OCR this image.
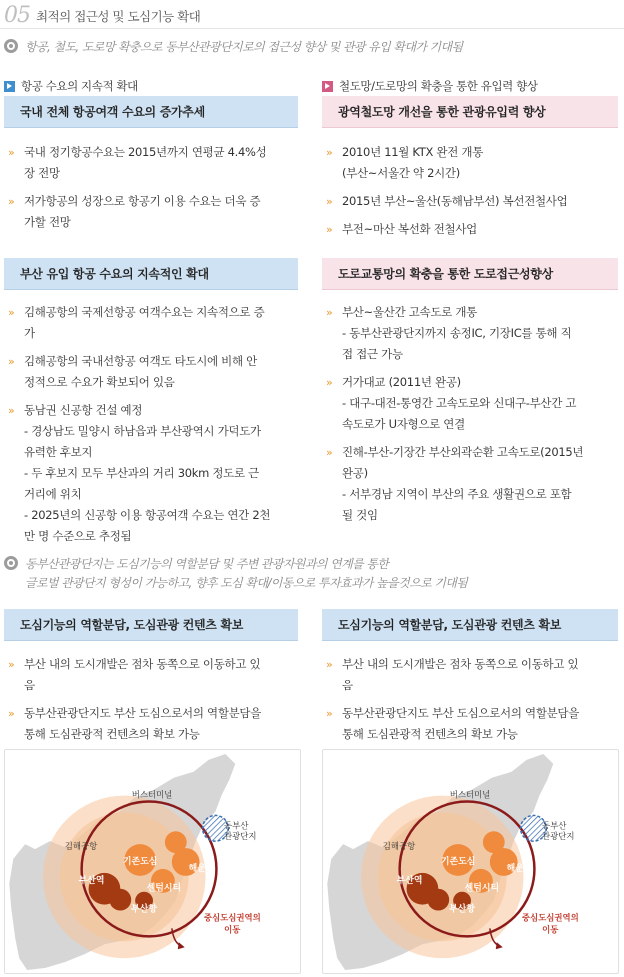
05 최적의 접근성 및 도심기능 확대

항공, 철도, 도로망 확충으로 동부산관광단지로의 접근성 향상 및 관광 유입 확대가 기대됨

항공 수요의 지속적 확대	철도망/도로망의 확충을 통한 유입력 향상
국내 전체 항공여객 수요의 증가추세
» 국내 정기항공수요는 2015년까지 연평균 4.4%성
장 전망
» 저가항공의 성장으로 항공기 이용 수요는 더욱 증
가할 전망
광역철도망 개선을 통한 관광유입력 향상
» 2010년 11월 KTX 완전 개통
(부산~서울간 약 2시간)
» 2015년 부산~울산(동해남부선) 복선전철사업
» 부전~마산 복선화 전철사업
부산 유입 항공 수요의 지속적인 확대
» 김해공항의 국제선항공 여객수요는 지속적으로 증
가
» 김해공항의 국내선항공 여객도 타도시에 비해 안
정적으로 수요가 확보되어 있음
» 동남권 신공항 건설 예정
- 경상남도 밀양시 하남읍과 부산광역시 가덕도가
유력한 후보지
- 두 후보지 모두 부산과의 거리 30km 정도로 근
거리에 위치
- 2025년의 신공항 이용 항공여객 수요는 연간 2천
만 명 수준으로 추정됨
도로교통망의 확충을 통한 도로접근성향상
» 부산~울산간 고속도로 개통
- 동부산관광단지까지 송정IC, 기장IC를 통해 직
접 접근 가능
» 거가대교 (2011년 완공)
- 대구-대전-통영간 고속도로와 신대구-부산간 고
속도로가 U자형으로 연결
» 진해-부산-기장간 부산외곽순환 고속도로(2015년
완공)
- 서부경남 지역이 부산의 주요 생활권으로 포함
될 것임

동부산관광단지는 도심기능의 역할분담 및 주변 관광자원과의 연계를 통한

글로벌 관광단지 형성이 가능하고, 향후 도심 확대/이동으로 투자효과가 높을것으로 기대됨

도심기능의 역할분담, 도심관광 컨텐츠 확보
» 부산 내의 도시개발은 점차 동쪽으로 이동하고 있
음
» 동부산관광단지도 부산 도심으로서의 역할분담을
통해 도심관광적 컨텐츠의 확보 가능
도심기능의 역할분담, 도심관광 컨텐츠 확보
» 부산 내의 도시개발은 점차 동쪽으로 이동하고 있
음
» 동부산관광단지도 부산 도심으로서의 역할분담을
통해 도심관광적 컨텐츠의 확보 가능
버스터미널
동부산
관광단지
김해공항
기존도심
해운대
부산역
센텀시티
부산항
중심도심권역의
이동
버스터미널
동부산
관광단지
김해공항
기존도심
해운대
부산역
센텀시티
부산항
중심도심권역의
이동
